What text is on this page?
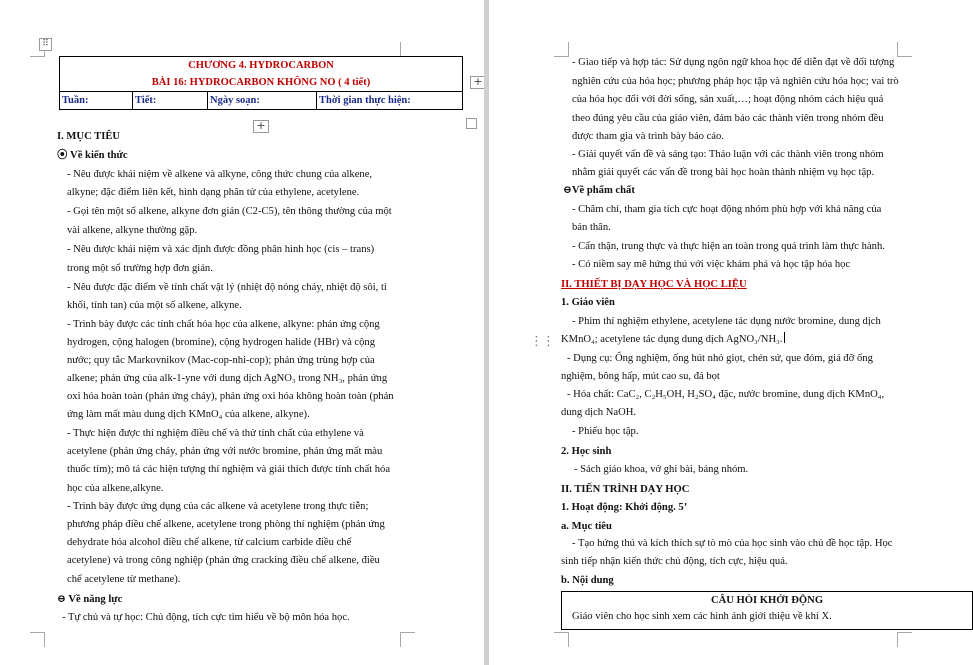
⠿
CHƯƠNG 4. HYDROCARBON
BÀI 16: HYDROCARBON KHÔNG NO ( 4 tiết)

Tuần:	Tiết:	Ngày soạn:	Thời gian thực hiện:
+
+
I. MỤC TIÊU
⦿ Về kiến thức
- Nêu được khái niệm về alkene và alkyne, công thức chung của alkene,
alkyne; đặc điểm liên kết, hình dạng phân tử của ethylene, acetylene.
- Gọi tên một số alkene, alkyne đơn giản (C2-C5), tên thông thường của một
vài alkene, alkyne thường gặp.
- Nêu được khái niệm và xác định được đồng phân hình học (cis – trans)
trong một số trường hợp đơn giản.
- Nêu được đặc điểm về tính chất vật lý (nhiệt độ nóng chảy, nhiệt độ sôi, tỉ
khối, tính tan) của một số alkene, alkyne.
- Trình bày được các tính chất hóa học của alkene, alkyne: phản ứng cộng
hydrogen, cộng halogen (bromine), cộng hydrogen halide (HBr) và cộng
nước; quy tắc Markovnikov (Mac-cop-nhi-cop); phản ứng trùng hợp của
alkene; phản ứng của alk-1-yne với dung dịch AgNO₃ trong NH₃, phản ứng
oxi hóa hoàn toàn (phản ứng cháy), phản ứng oxi hóa không hoàn toàn (phản
ứng làm mất màu dung dịch KMnO₄ của alkene, alkyne).
- Thực hiện được thí nghiệm điều chế và thử tính chất của ethylene và
acetylene (phản ứng cháy, phản ứng với nước bromine, phản ứng mất màu
thuốc tím); mô tả các hiện tượng thí nghiệm và giải thích được tính chất hóa
học của alkene,alkyne.
- Trình bày được ứng dụng của các alkene và acetylene trong thực tiễn;
phương pháp điều chế alkene, acetylene trong phòng thí nghiệm (phản ứng
dehydrate hóa alcohol điều chế alkene, từ calcium carbide điều chế
acetylene) và trong công nghiệp (phản ứng cracking điều chế alkene, điều
chế acetylene từ methane).
⊖ Về năng lực
- Tự chủ và tự học: Chủ động, tích cực tìm hiểu về bộ môn hóa học.
⋮⋮
- Giao tiếp và hợp tác: Sử dụng ngôn ngữ khoa học để diễn đạt về đối tượng
nghiên cứu của hóa học; phương pháp học tập và nghiên cứu hóa học; vai trò
của hóa học đối với đời sống, sản xuất,…; hoạt động nhóm cách hiệu quả
theo đúng yêu cầu của giáo viên, đảm bảo các thành viên trong nhóm đều
được tham gia và trình bày báo cáo.
- Giải quyết vấn đề và sáng tạo: Thảo luận với các thành viên trong nhóm
nhằm giải quyết các vấn đề trong bài học hoàn thành nhiệm vụ học tập.
⊖Về phẩm chất
- Chăm chỉ, tham gia tích cực hoạt động nhóm phù hợp với khả năng của
bản thân.
- Cẩn thận, trung thực và thực hiện an toàn trong quá trình làm thực hành.
- Có niềm say mê hứng thú với việc khám phá và học tập hóa học
II. THIẾT BỊ DẠY HỌC VÀ HỌC LIỆU
1. Giáo viên
- Phim thí nghiệm ethylene, acetylene tác dụng nước bromine, dung dịch
KMnO₄; acetylene tác dụng dung dịch AgNO₃/NH₃.
- Dụng cụ: Ống nghiệm, ống hút nhỏ giọt, chén sứ, que đóm, giá đỡ ống
nghiệm, bông hấp, mút cao su, đá bọt
- Hóa chất: CaC₂, C₂H₅OH, H₂SO₄ đặc, nước bromine, dung dịch KMnO₄,
dung dịch NaOH.
- Phiếu học tập.
2. Học sinh
- Sách giáo khoa, vở ghi bài, bảng nhóm.
II. TIẾN TRÌNH DẠY HỌC
1. Hoạt động: Khởi động. 5’
a. Mục tiêu
- Tạo hứng thú và kích thích sự tò mò của học sinh vào chủ đề học tập. Học
sinh tiếp nhận kiến thức chủ động, tích cực, hiệu quả.
b. Nội dung
CÂU HỎI KHỞI ĐỘNG
Giáo viên cho học sinh xem các hình ảnh giới thiệu về khí X.
